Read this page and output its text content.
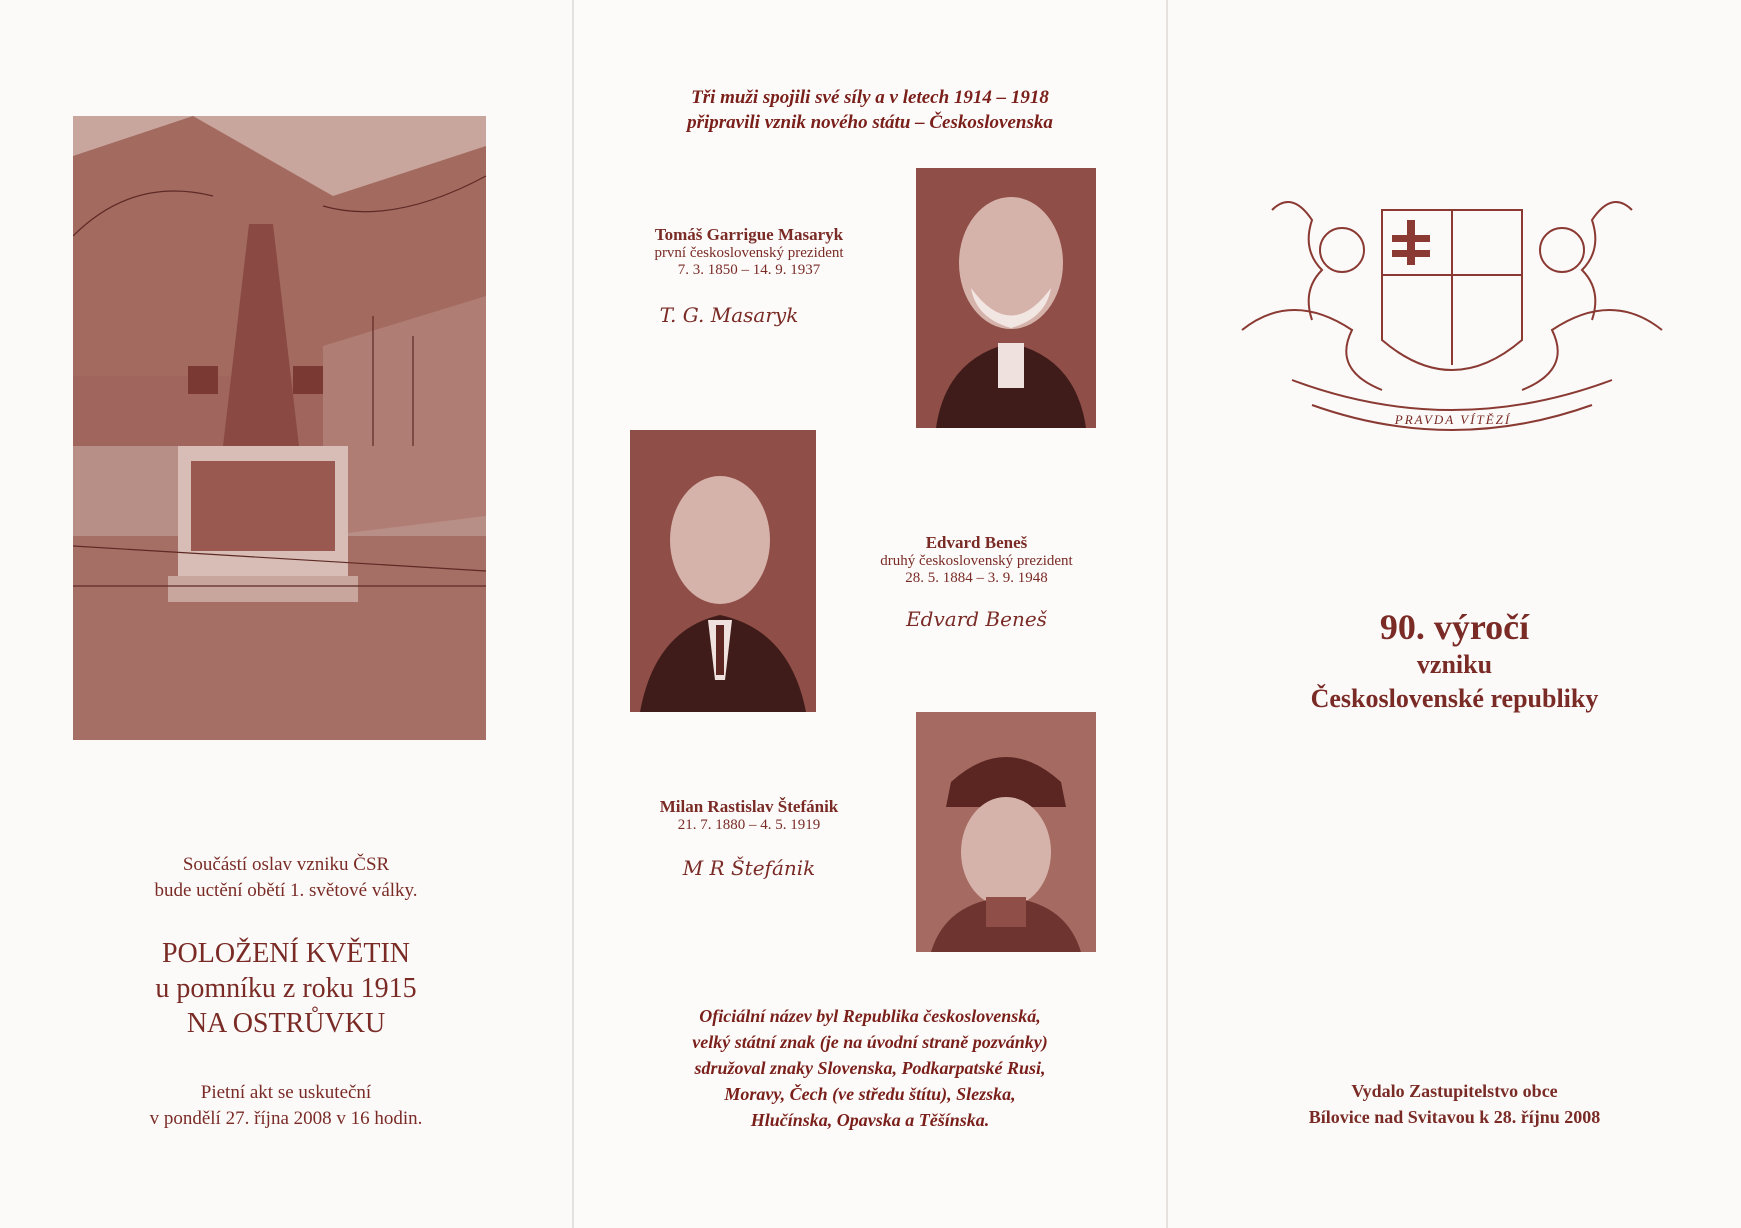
Součástí oslav vzniku ČSR
bude uctění obětí 1. světové války.
POLOŽENÍ KVĚTIN
u pomníku z roku 1915
NA OSTRŮVKU
Pietní akt se uskuteční
v pondělí 27. října 2008 v 16 hodin.
Tři muži spojili své síly a v letech 1914 – 1918
připravili vznik nového státu – Československa
Tomáš Garrigue Masaryk
první československý prezident
7. 3. 1850 – 14. 9. 1937
T. G. Masaryk
Edvard Beneš
druhý československý prezident
28. 5. 1884 – 3. 9. 1948
Edvard Beneš
Milan Rastislav Štefánik
21. 7. 1880 – 4. 5. 1919
M R Štefánik
Oficiální název byl Republika československá,
velký státní znak (je na úvodní straně pozvánky)
sdružoval znaky Slovenska, Podkarpatské Rusi,
Moravy, Čech (ve středu štítu), Slezska,
Hlučínska, Opavska a Těšínska.
PRAVDA VÍTĚZÍ
90. výročí
vzniku
Československé republiky
Vydalo Zastupitelstvo obce
Bílovice nad Svitavou k 28. říjnu 2008
